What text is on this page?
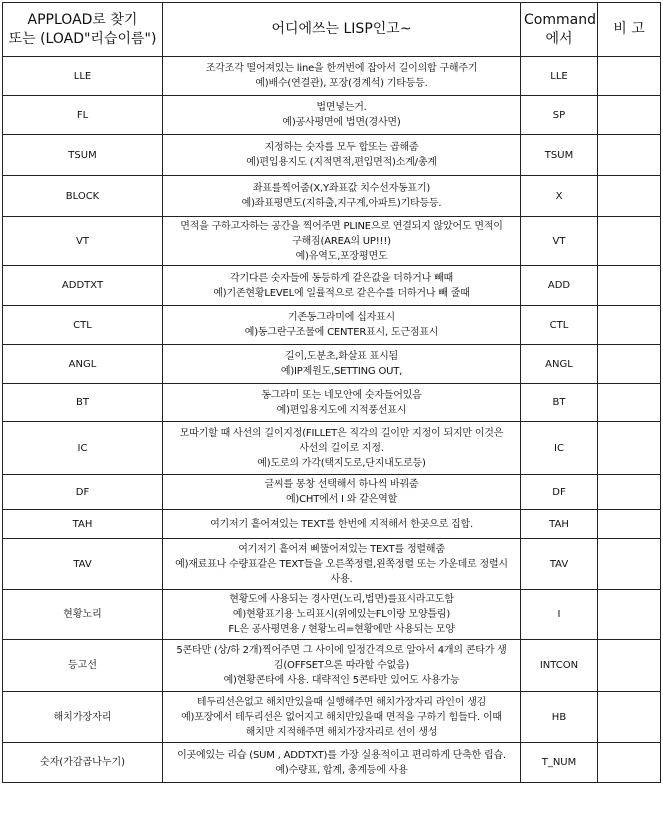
APPLOAD로 찾기
또는 (LOAD"리습이름")	어디에쓰는 LISP인고~	Command
에서	비 고
LLE	조각조각 떨어져있는 line을 한꺼번에 잡아서 길이의합 구해주기
예)배수(연결관), 포장(경계석) 기타등등.	LLE	
FL	법면넣는거.
예)공사평면에 법면(경사면)	SP	
TSUM	지정하는 숫자를 모두 합또는 곱해줌
예)편입용지도 (지적면적,편입면적)소계/총계	TSUM	
BLOCK	좌표를찍어줌(X,Y좌표값 치수선자동표기)
예)좌표평면도(지하출,지구계,아파트)기타등등.	X	
VT	면적을 구하고자하는 공간을 찍어주면 PLINE으로 연결되지 않았어도 면적이
구해짐(AREA의 UP!!!)
예)유역도,포장평면도	VT	
ADDTXT	각기다른 숫자들에 동등하게 같은값을 더하거나 빼때
예)기존현황LEVEL에 일률적으로 같은수를 더하거나 빼 줄때	ADD	
CTL	기존동그라미에 십자표시
예)동그란구조물에 CENTER표시, 도근점표시	CTL	
ANGL	길이,도분초,화살표 표시됨
예)IP제원도,SETTING OUT,	ANGL	
BT	동그라미 또는 네모안에 숫자들어있음
예)편입용지도에 지적풍선표시	BT	
IC	모따기할 때 사선의 길이지정(FILLET은 직각의 길이만 지정이 되지만 이것은
사선의 길이로 지정.
예)도로의 가각(택지도로,단지내도로등)	IC	
DF	글씨를 몽창 선택해서 하나씩 바꿔줌
예)CHT에서 I 와 같은역할	DF	
TAH	여기저기 흩어져있는 TEXT를 한번에 지적해서 한곳으로 집합.	TAH	
TAV	여기저기 흩어져 삐뚤어져있는 TEXT를 정렬해줌
예)재료표나 수량표같은 TEXT들을 오른쪽정렬,왼쪽정렬 또는 가운데로 정렬시
사용.	TAV	
현황노리	현황도에 사용되는 경사면(노리,법면)를표시라고도함
예)현황표기용 노리표시(위에있는FL이랑 모양틀림)
FL은 공사평면용 / 현황노리=현황에만 사용되는 모양	I	
등고선	5콘타만 (상/하 2개)찍어주면 그 사이에 일정간격으로 알아서 4개의 콘타가 생
김(OFFSET으론 따라할 수없음)
예)현황콘타에 사용. 대략적인 5콘타만 있어도 사용가능	INTCON	
해치가장자리	테두리선은없고 해치만있을때 실행해주면 해치가장자리 라인이 생김
예)포장에서 테두리선은 없어지고 해치만있을때 면적을 구하기 힘들다. 이때
해치만 지적해주면 해치가장자리로 선이 생성	HB	
숫자(가감곱나누기)	이곳에있는 리습 (SUM , ADDTXT)를 가장 실용적이고 편리하게 단축한 립습.
예)수량표, 합계, 총계등에 사용	T_NUM	
